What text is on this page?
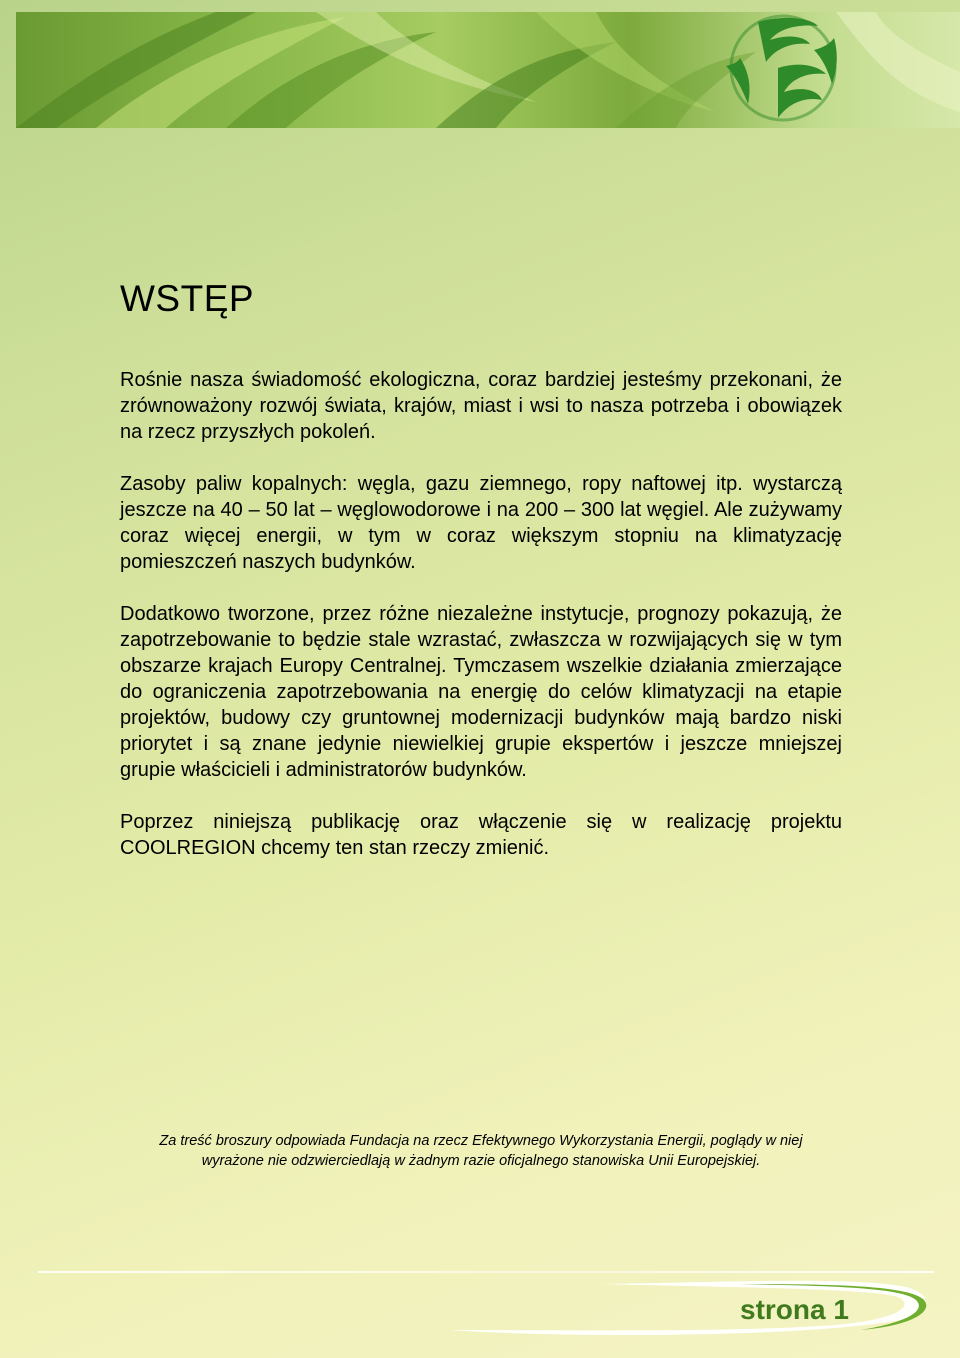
WSTĘP

Rośnie nasza świadomość ekologiczna, coraz bardziej jesteśmy przekonani, że zrównoważony rozwój świata, krajów, miast i wsi to nasza potrzeba i obowiązek na rzecz przyszłych pokoleń.

Zasoby paliw kopalnych: węgla, gazu ziemnego, ropy naftowej itp. wystarczą jeszcze na 40 – 50 lat – węglowodorowe i na 200 – 300 lat węgiel. Ale zużywamy coraz więcej energii, w tym w coraz większym stopniu na klimatyzację pomieszczeń naszych budynków.

Dodatkowo tworzone, przez różne niezależne instytucje, prognozy pokazują, że zapotrzebowanie to będzie stale wzrastać, zwłaszcza w rozwijających się w tym obszarze krajach Europy Centralnej. Tymczasem wszelkie działania zmierzające do ograniczenia zapotrzebowania na energię do celów klimatyzacji na etapie projektów, budowy czy gruntownej modernizacji budynków mają bardzo niski priorytet i są znane jedynie niewielkiej grupie ekspertów i jeszcze mniejszej grupie właścicieli i administratorów budynków.

Poprzez niniejszą publikację oraz włączenie się w realizację projektu COOLREGION chcemy ten stan rzeczy zmienić.

Za treść broszury odpowiada Fundacja na rzecz Efektywnego Wykorzystania Energii, poglądy w niej
wyrażone nie odzwierciedlają w żadnym razie oficjalnego stanowiska Unii Europejskiej.
strona 1
